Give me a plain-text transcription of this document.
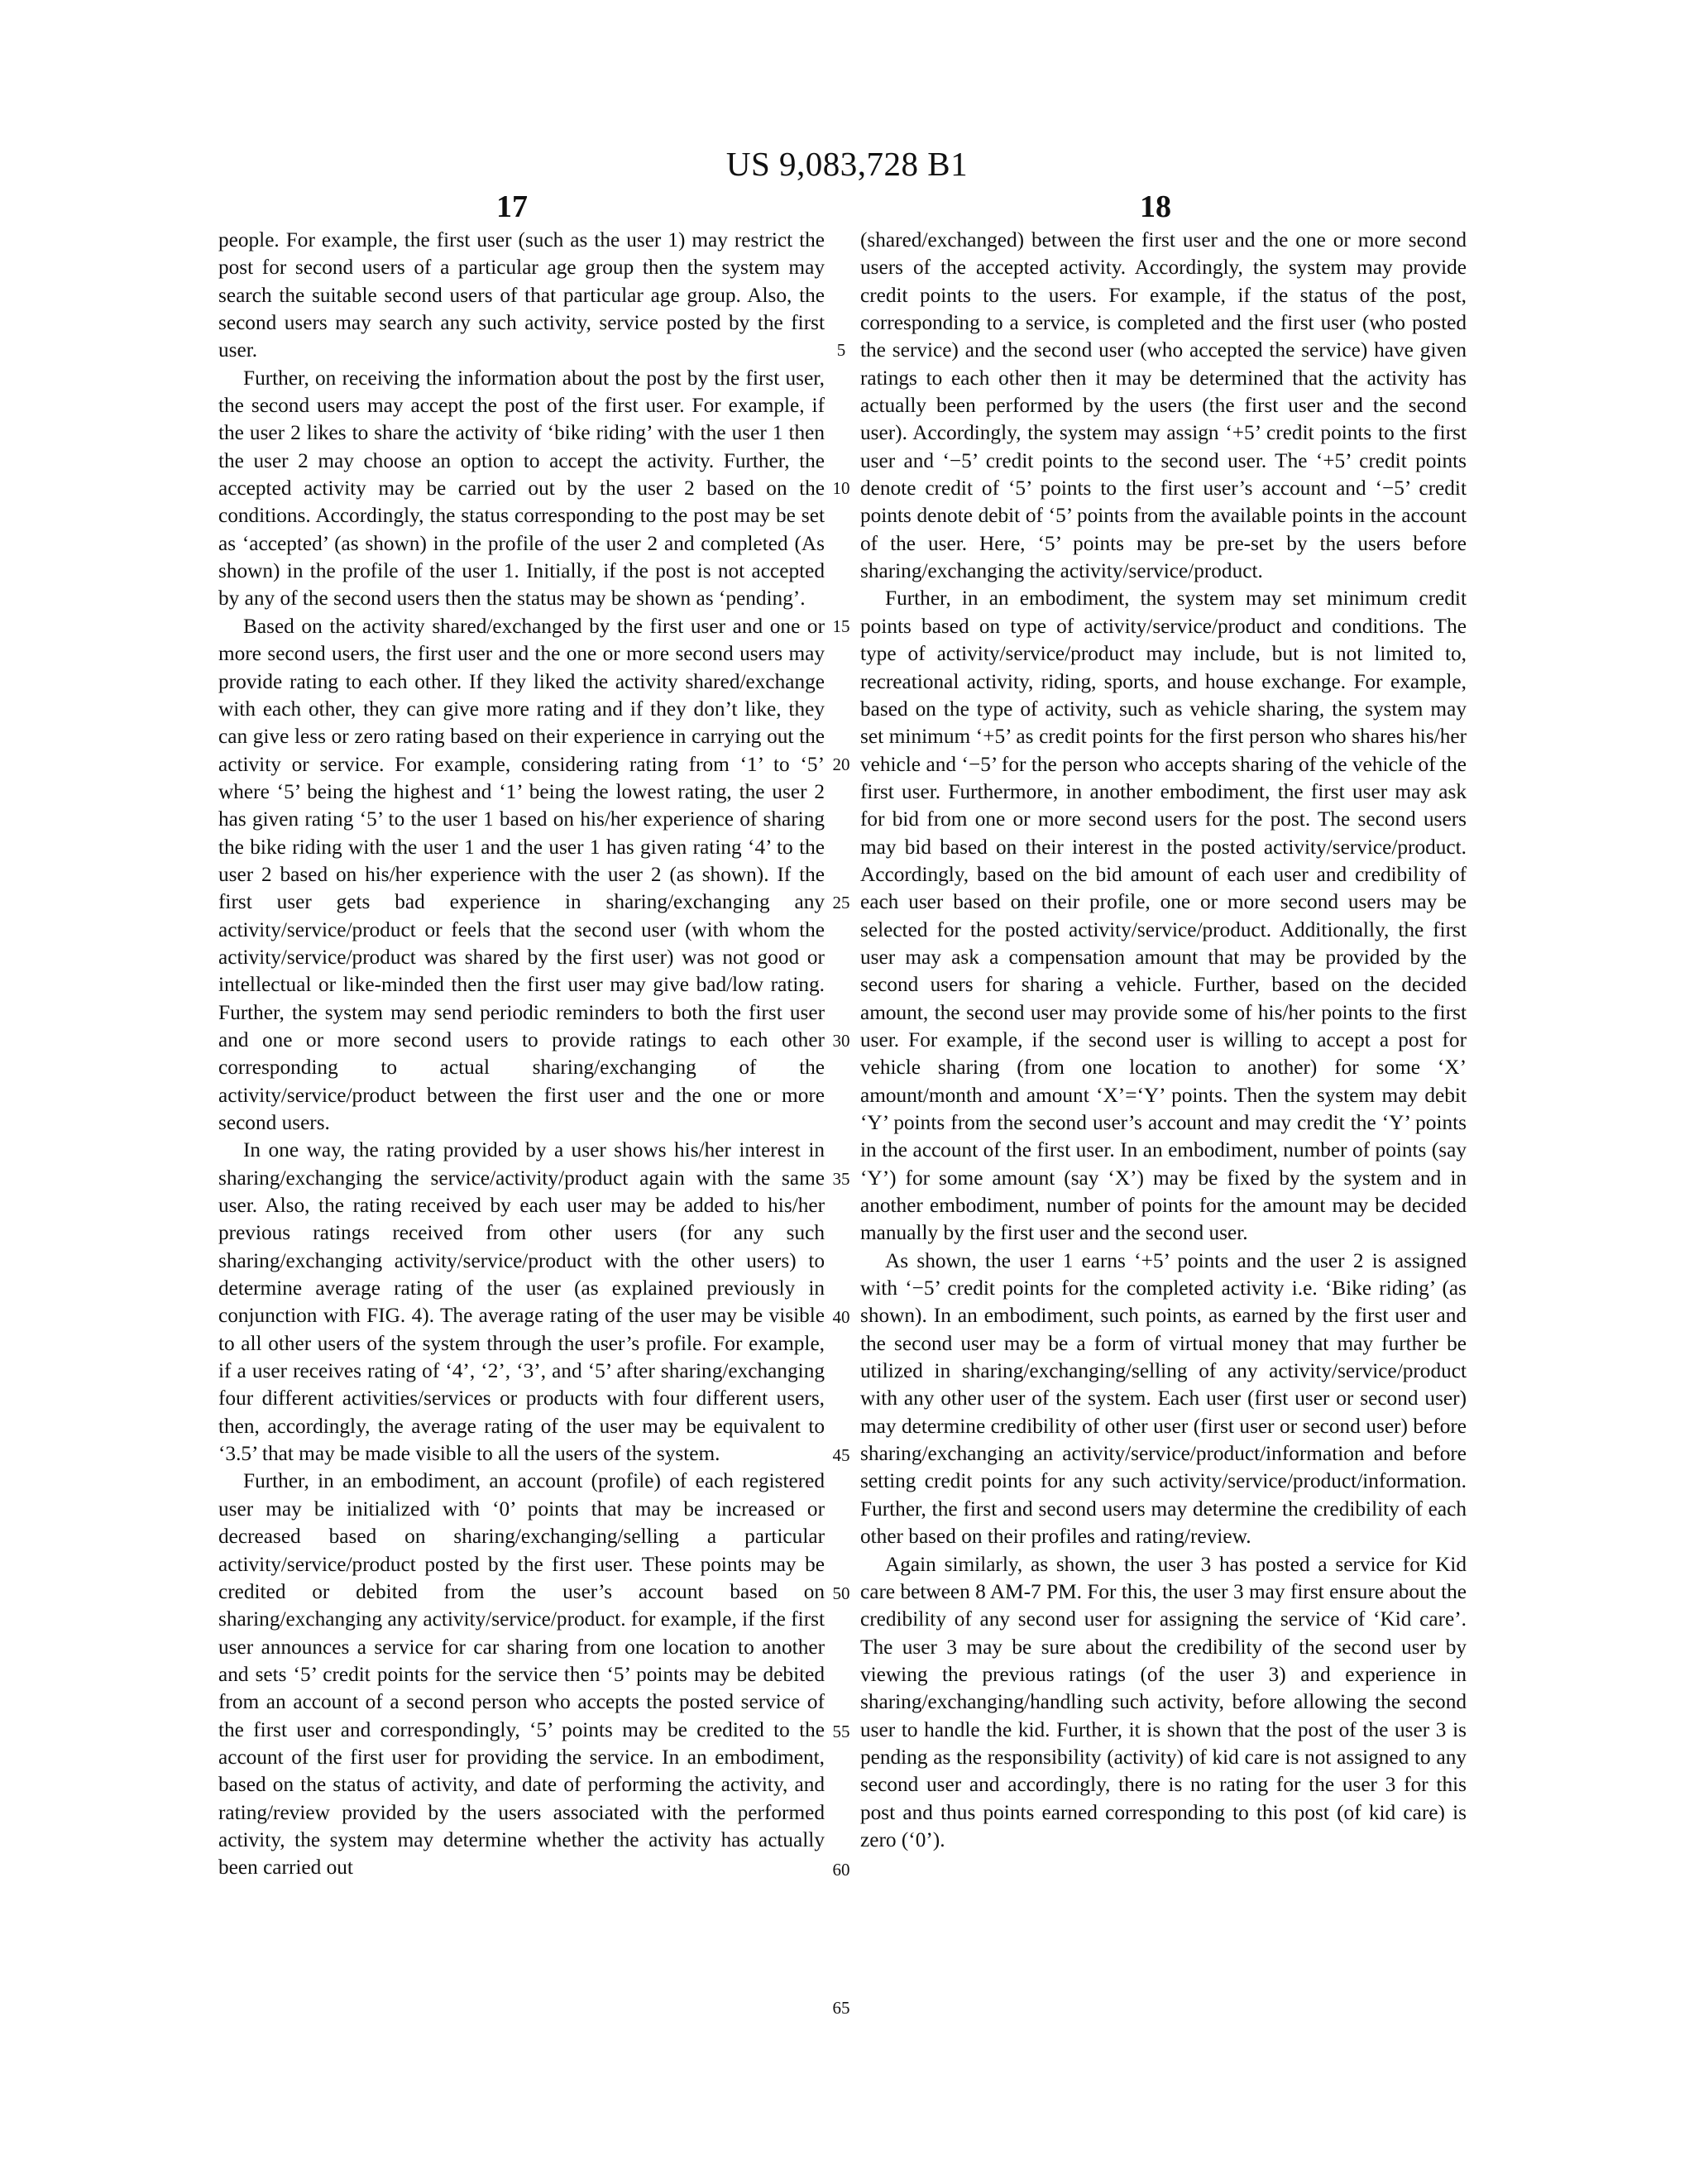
US 9,083,728 B1
17	18

people. For example, the first user (such as the user 1) may restrict the post for second users of a particular age group then the system may search the suitable second users of that particular age group. Also, the second users may search any such activity, service posted by the first user.

Further, on receiving the information about the post by the first user, the second users may accept the post of the first user. For example, if the user 2 likes to share the activity of ‘bike riding’ with the user 1 then the user 2 may choose an option to accept the activity. Further, the accepted activity may be carried out by the user 2 based on the conditions. Accordingly, the status corresponding to the post may be set as ‘accepted’ (as shown) in the profile of the user 2 and completed (As shown) in the profile of the user 1. Initially, if the post is not accepted by any of the second users then the status may be shown as ‘pending’.

Based on the activity shared/exchanged by the first user and one or more second users, the first user and the one or more second users may provide rating to each other. If they liked the activity shared/exchange with each other, they can give more rating and if they don’t like, they can give less or zero rating based on their experience in carrying out the activity or service. For example, considering rating from ‘1’ to ‘5’ where ‘5’ being the highest and ‘1’ being the lowest rating, the user 2 has given rating ‘5’ to the user 1 based on his/her experience of sharing the bike riding with the user 1 and the user 1 has given rating ‘4’ to the user 2 based on his/her experience with the user 2 (as shown). If the first user gets bad experience in sharing/exchanging any activity/service/product or feels that the second user (with whom the activity/service/product was shared by the first user) was not good or intellectual or like-minded then the first user may give bad/low rating. Further, the system may send periodic reminders to both the first user and one or more second users to provide ratings to each other corresponding to actual sharing/exchanging of the activity/service/product between the first user and the one or more second users.

In one way, the rating provided by a user shows his/her interest in sharing/exchanging the service/activity/product again with the same user. Also, the rating received by each user may be added to his/her previous ratings received from other users (for any such sharing/exchanging activity/service/product with the other users) to determine average rating of the user (as explained previously in conjunction with FIG. 4). The average rating of the user may be visible to all other users of the system through the user’s profile. For example, if a user receives rating of ‘4’, ‘2’, ‘3’, and ‘5’ after sharing/exchanging four different activities/services or products with four different users, then, accordingly, the average rating of the user may be equivalent to ‘3.5’ that may be made visible to all the users of the system.

Further, in an embodiment, an account (profile) of each registered user may be initialized with ‘0’ points that may be increased or decreased based on sharing/exchanging/selling a particular activity/service/product posted by the first user. These points may be credited or debited from the user’s account based on sharing/exchanging any activity/service/product. for example, if the first user announces a service for car sharing from one location to another and sets ‘5’ credit points for the service then ‘5’ points may be debited from an account of a second person who accepts the posted service of the first user and correspondingly, ‘5’ points may be credited to the account of the first user for providing the service. In an embodiment, based on the status of activity, and date of performing the activity, and rating/review provided by the users associated with the performed activity, the system may determine whether the activity has actually been carried out

5
10
15
20
25
30
35
40
45
50
55
60
65

(shared/exchanged) between the first user and the one or more second users of the accepted activity. Accordingly, the system may provide credit points to the users. For example, if the status of the post, corresponding to a service, is completed and the first user (who posted the service) and the second user (who accepted the service) have given ratings to each other then it may be determined that the activity has actually been performed by the users (the first user and the second user). Accordingly, the system may assign ‘+5’ credit points to the first user and ‘−5’ credit points to the second user. The ‘+5’ credit points denote credit of ‘5’ points to the first user’s account and ‘−5’ credit points denote debit of ‘5’ points from the available points in the account of the user. Here, ‘5’ points may be pre-set by the users before sharing/exchanging the activity/service/product.

Further, in an embodiment, the system may set minimum credit points based on type of activity/service/product and conditions. The type of activity/service/product may include, but is not limited to, recreational activity, riding, sports, and house exchange. For example, based on the type of activity, such as vehicle sharing, the system may set minimum ‘+5’ as credit points for the first person who shares his/her vehicle and ‘−5’ for the person who accepts sharing of the vehicle of the first user. Furthermore, in another embodiment, the first user may ask for bid from one or more second users for the post. The second users may bid based on their interest in the posted activity/service/product. Accordingly, based on the bid amount of each user and credibility of each user based on their profile, one or more second users may be selected for the posted activity/service/product. Additionally, the first user may ask a compensation amount that may be provided by the second users for sharing a vehicle. Further, based on the decided amount, the second user may provide some of his/her points to the first user. For example, if the second user is willing to accept a post for vehicle sharing (from one location to another) for some ‘X’ amount/month and amount ‘X’=‘Y’ points. Then the system may debit ‘Y’ points from the second user’s account and may credit the ‘Y’ points in the account of the first user. In an embodiment, number of points (say ‘Y’) for some amount (say ‘X’) may be fixed by the system and in another embodiment, number of points for the amount may be decided manually by the first user and the second user.

As shown, the user 1 earns ‘+5’ points and the user 2 is assigned with ‘−5’ credit points for the completed activity i.e. ‘Bike riding’ (as shown). In an embodiment, such points, as earned by the first user and the second user may be a form of virtual money that may further be utilized in sharing/exchanging/selling of any activity/service/product with any other user of the system. Each user (first user or second user) may determine credibility of other user (first user or second user) before sharing/exchanging an activity/service/product/information and before setting credit points for any such activity/service/product/information. Further, the first and second users may determine the credibility of each other based on their profiles and rating/review.

Again similarly, as shown, the user 3 has posted a service for Kid care between 8 AM-7 PM. For this, the user 3 may first ensure about the credibility of any second user for assigning the service of ‘Kid care’. The user 3 may be sure about the credibility of the second user by viewing the previous ratings (of the user 3) and experience in sharing/exchanging/handling such activity, before allowing the second user to handle the kid. Further, it is shown that the post of the user 3 is pending as the responsibility (activity) of kid care is not assigned to any second user and accordingly, there is no rating for the user 3 for this post and thus points earned corresponding to this post (of kid care) is zero (‘0’).
